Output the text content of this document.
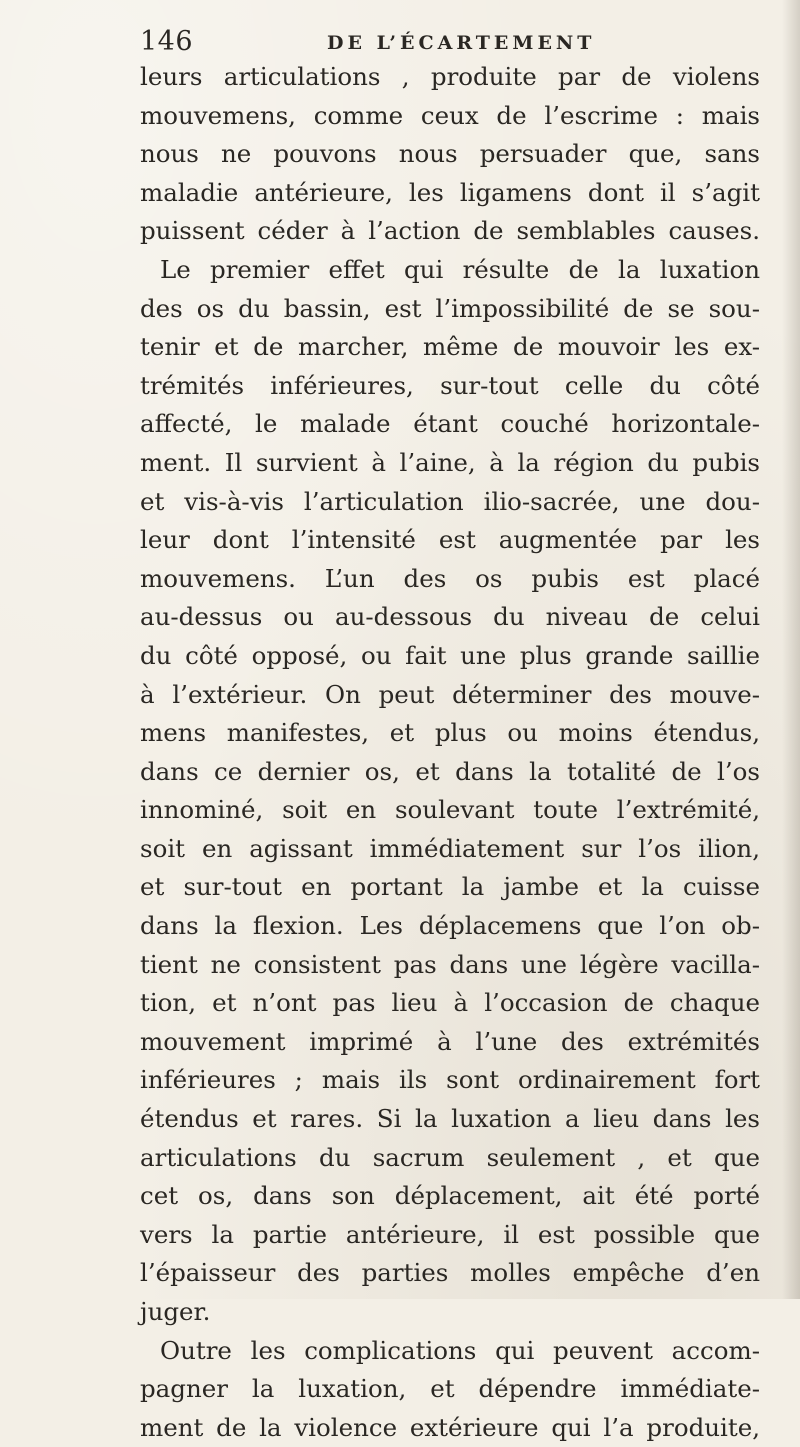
146	DE L’ÉCARTEMENT
leurs articulations , produite par de violens
mouvemens, comme ceux de l’escrime : mais
nous ne pouvons nous persuader que, sans
maladie antérieure, les ligamens dont il s’agit
puissent céder à l’action de semblables causes.
Le premier effet qui résulte de la luxation
des os du bassin, est l’impossibilité de se sou-
tenir et de marcher, même de mouvoir les ex-
trémités inférieures, sur-tout celle du côté
affecté, le malade étant couché horizontale-
ment. Il survient à l’aine, à la région du pubis
et vis-à-vis l’articulation ilio-sacrée, une dou-
leur dont l’intensité est augmentée par les
mouvemens. L’un des os pubis est placé
au-dessus ou au-dessous du niveau de celui
du côté opposé, ou fait une plus grande saillie
à l’extérieur. On peut déterminer des mouve-
mens manifestes, et plus ou moins étendus,
dans ce dernier os, et dans la totalité de l’os
innominé, soit en soulevant toute l’extrémité,
soit en agissant immédiatement sur l’os ilion,
et sur-tout en portant la jambe et la cuisse
dans la flexion. Les déplacemens que l’on ob-
tient ne consistent pas dans une légère vacilla-
tion, et n’ont pas lieu à l’occasion de chaque
mouvement imprimé à l’une des extrémités
inférieures ; mais ils sont ordinairement fort
étendus et rares. Si la luxation a lieu dans les
articulations du sacrum seulement , et que
cet os, dans son déplacement, ait été porté
vers la partie antérieure, il est possible que
l’épaisseur des parties molles empêche d’en
juger.
Outre les complications qui peuvent accom-
pagner la luxation, et dépendre immédiate-
ment de la violence extérieure qui l’a produite,
